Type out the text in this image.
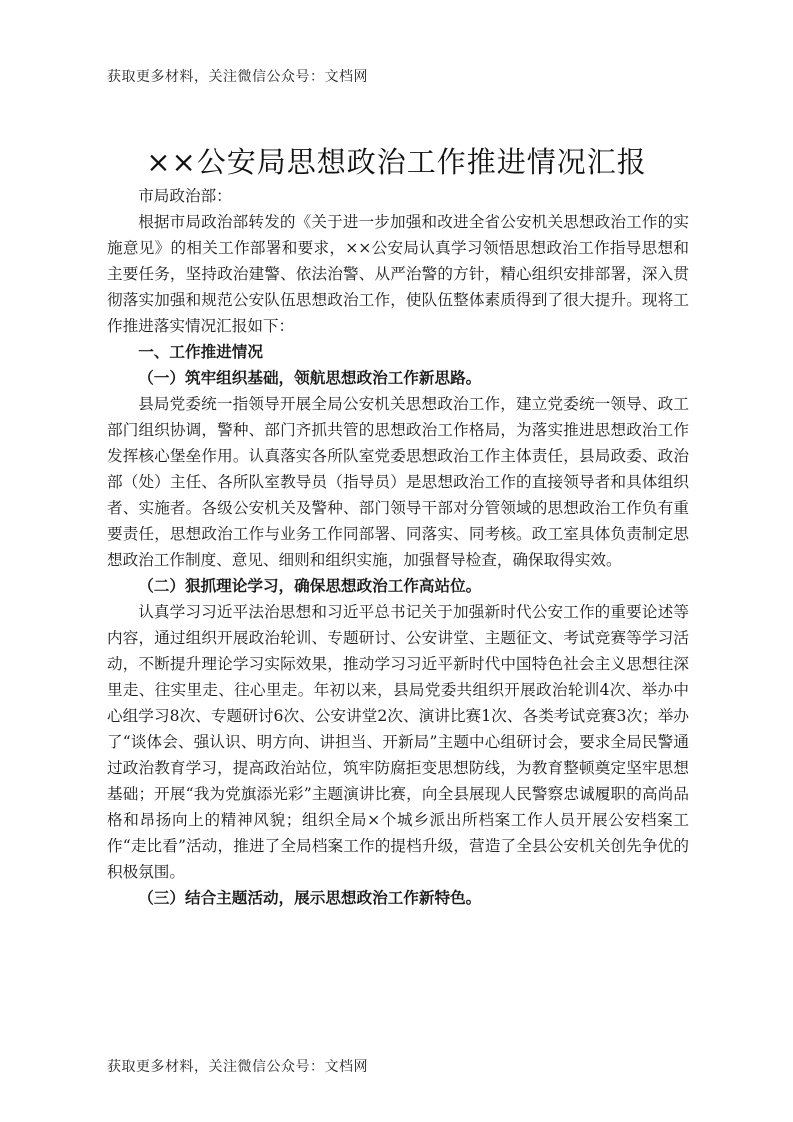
获取更多材料，关注微信公众号：文档网
××公安局思想政治工作推进情况汇报

市局政治部：

根据市局政治部转发的《关于进一步加强和改进全省公安机关思想政治工作的实施意见》的相关工作部署和要求，××公安局认真学习领悟思想政治工作指导思想和主要任务，坚持政治建警、依法治警、从严治警的方针，精心组织安排部署，深入贯彻落实加强和规范公安队伍思想政治工作，使队伍整体素质得到了很大提升。现将工作推进落实情况汇报如下：

一、工作推进情况

（一）筑牢组织基础，领航思想政治工作新思路。

县局党委统一指领导开展全局公安机关思想政治工作，建立党委统一领导、政工部门组织协调，警种、部门齐抓共管的思想政治工作格局，为落实推进思想政治工作发挥核心堡垒作用。认真落实各所队室党委思想政治工作主体责任，县局政委、政治部（处）主任、各所队室教导员（指导员）是思想政治工作的直接领导者和具体组织者、实施者。各级公安机关及警种、部门领导干部对分管领域的思想政治工作负有重要责任，思想政治工作与业务工作同部署、同落实、同考核。政工室具体负责制定思想政治工作制度、意见、细则和组织实施，加强督导检查，确保取得实效。

（二）狠抓理论学习，确保思想政治工作高站位。

认真学习习近平法治思想和习近平总书记关于加强新时代公安工作的重要论述等内容，通过组织开展政治轮训、专题研讨、公安讲堂、主题征文、考试竞赛等学习活动，不断提升理论学习实际效果，推动学习习近平新时代中国特色社会主义思想往深里走、往实里走、往心里走。年初以来，县局党委共组织开展政治轮训4次、举办中心组学习8次、专题研讨6次、公安讲堂2次、演讲比赛1次、各类考试竞赛3次；举办了“谈体会、强认识、明方向、讲担当、开新局”主题中心组研讨会，要求全局民警通过政治教育学习，提高政治站位，筑牢防腐拒变思想防线，为教育整顿奠定坚牢思想基础；开展“我为党旗添光彩”主题演讲比赛，向全县展现人民警察忠诚履职的高尚品格和昂扬向上的精神风貌；组织全局×个城乡派出所档案工作人员开展公安档案工作“走比看”活动，推进了全局档案工作的提档升级，营造了全县公安机关创先争优的积极氛围。

（三）结合主题活动，展示思想政治工作新特色。

获取更多材料，关注微信公众号：文档网
